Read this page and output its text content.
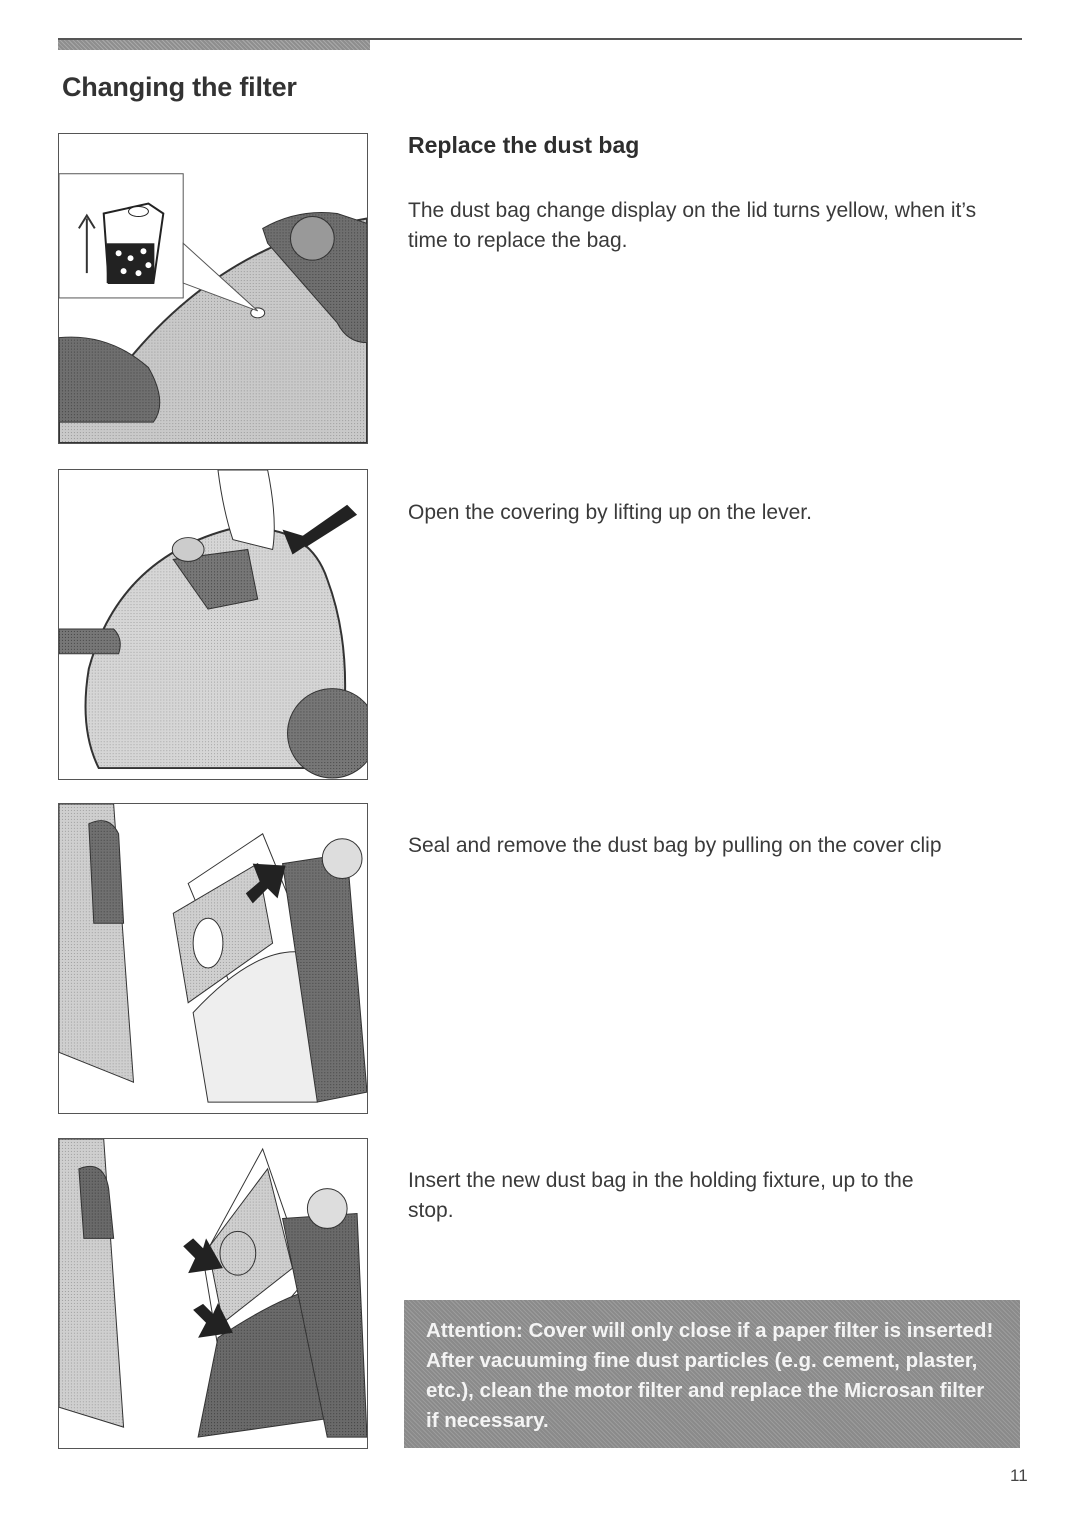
Changing the filter
Replace the dust bag
The dust bag change display on the lid turns yellow, when it’s time to replace the bag.
Open the covering by lifting up on the lever.
Seal and remove the dust bag by pulling on the cover clip
Insert the new dust bag in the holding fixture, up to the stop.
Attention: Cover will only close if a paper filter is inserted! After vacuuming fine dust particles (e.g. cement, plaster, etc.), clean the motor filter and replace the Microsan filter if necessary.
11
